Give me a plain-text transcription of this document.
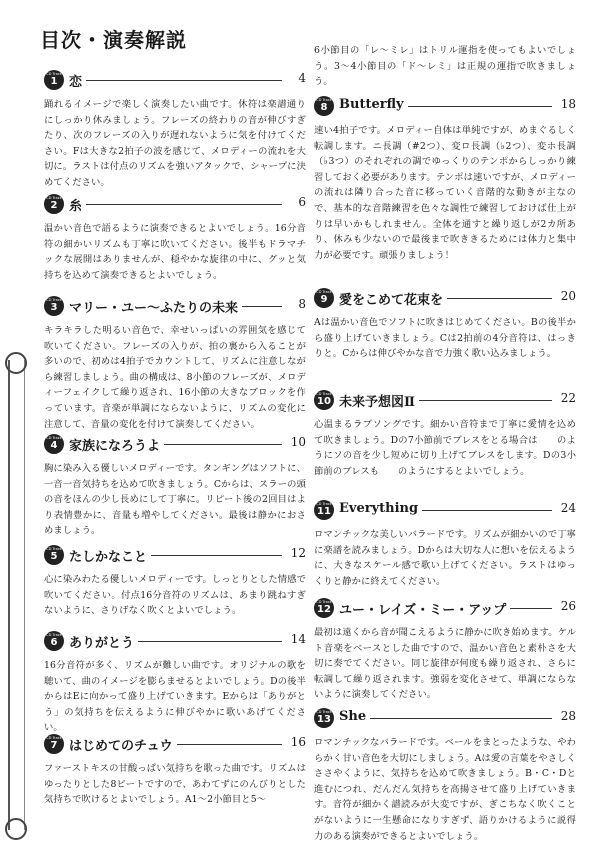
目次・演奏解説
CD Track
1 恋	4
踊れるイメージで楽しく演奏したい曲です。休符は楽譜通りにしっかり休みましょう。フレーズの終わりの音が伸びすぎたり、次のフレーズの入りが遅れないように気を付けてください。Fは大きな2拍子の波を感じて、メロディーの流れを大切に。ラストは付点のリズムを強いアタックで、シャープに決めてください。
CD Track
2 糸	6
温かい音色で語るように演奏できるとよいでしょう。16分音符の細かいリズムも丁寧に吹いてください。後半もドラマチックな展開はありませんが、穏やかな旋律の中に、グッと気持ちを込めて演奏できるとよいでしょう。
CD Track
3 マリー・ユー〜ふたりの未来	8
キラキラした明るい音色で、幸せいっぱいの雰囲気を感じて吹いてください。フレーズの入りが、拍の裏から入ることが多いので、初めは4拍子でカウントして、リズムに注意しながら練習しましょう。曲の構成は、8小節のフレーズが、メロディーフェイクして繰り返され、16小節の大きなブロックを作っています。音楽が単調にならないように、リズムの変化に注意して、音量の変化を付けて演奏してください。
CD Track
4 家族になろうよ	10
胸に染み入る優しいメロディーです。タンギングはソフトに、一音一音気持ちを込めて吹きましょう。Cからは、スラーの頭の音をほんの少し長めにして丁寧に。リピート後の2回目はより表情豊かに、音量も増やしてください。最後は静かにおさめましょう。
CD Track
5 たしかなこと	12
心に染みわたる優しいメロディーです。しっとりとした情感で吹いてください。付点16分音符のリズムは、あまり跳ねすぎないように、さりげなく吹くとよいでしょう。
CD Track
6 ありがとう	14
16分音符が多く、リズムが難しい曲です。オリジナルの歌を聴いて、曲のイメージを膨らませるとよいでしょう。Dの後半からはEに向かって盛り上げていきます。Eからは「ありがとう」の気持ちを伝えるように伸びやかに歌いあげてください。
CD Track
7 はじめてのチュウ	16
ファーストキスの甘酸っぱい気持ちを歌った曲です。リズムはゆったりとした8ビートですので、あわてずにのんびりとした気持ちで吹けるとよいでしょう。A1〜2小節目と5〜
6小節目の「レ〜ミレ」はトリル運指を使ってもよいでしょう。3〜4小節目の「ド〜レミ」は正規の運指で吹きましょう。
CD Track
8 Butterfly	18
速い4拍子です。メロディー自体は単純ですが、めまぐるしく転調します。ニ長調（#2つ）、変ロ長調（♭2つ）、変ホ長調（♭3つ）のそれぞれの調でゆっくりのテンポからしっかり練習しておく必要があります。テンポは速いですが、メロディーの流れは隣り合った音に移っていく音階的な動きが主なので、基本的な音階練習を色々な調性で練習しておけば仕上がりは早いかもしれません。全体を通すと繰り返しが2カ所あり、休みも少ないので最後まで吹ききるためには体力と集中力が必要です。頑張りましょう！
CD Track
9 愛をこめて花束を	20
Aは温かい音色でソフトに吹きはじめてください。Bの後半から盛り上げていきましょう。Cは2拍前の4分音符は、はっきりと。Cからは伸びやかな音で力強く歌い込みましょう。
CD Track
10 未来予想図Ⅱ	22
心温まるラブソングです。細かい音符まで丁寧に愛情を込めて吹きましょう。Dの7小節前でブレスをとる場合は　　のようにソの音を少し短めに切り上げてブレスをします。Dの3小節前のブレスも　　のようにするとよいでしょう。
CD Track
11 Everything	24
ロマンチックな美しいバラードです。リズムが細かいので丁寧に楽譜を読みましょう。Dからは大切な人に想いを伝えるように、大きなスケール感で歌い上げてください。ラストはゆっくりと静かに終えてください。
CD Track
12 ユー・レイズ・ミー・アップ	26
最初は遠くから音が聞こえるように静かに吹き始めます。ケルト音楽をベースとした曲ですので、温かい音色と素朴さを大切に奏でてください。同じ旋律が何度も繰り返され、さらに転調して繰り返されます。強弱を変化させて、単調にならないように演奏してください。
CD Track
13 She	28
ロマンチックなバラードです。ベールをまとったような、やわらかく甘い音色を大切にしましょう。Aは愛の言葉をやさしくささやくように、気持ちを込めて吹きましょう。B・C・Dと進むにつれ、だんだん気持ちを高揚させて盛り上げていきます。音符が細かく譜読みが大変ですが、ぎこちなく吹くことがないように一生懸命になりすぎず、語りかけるように説得力のある演奏ができるとよいでしょう。
